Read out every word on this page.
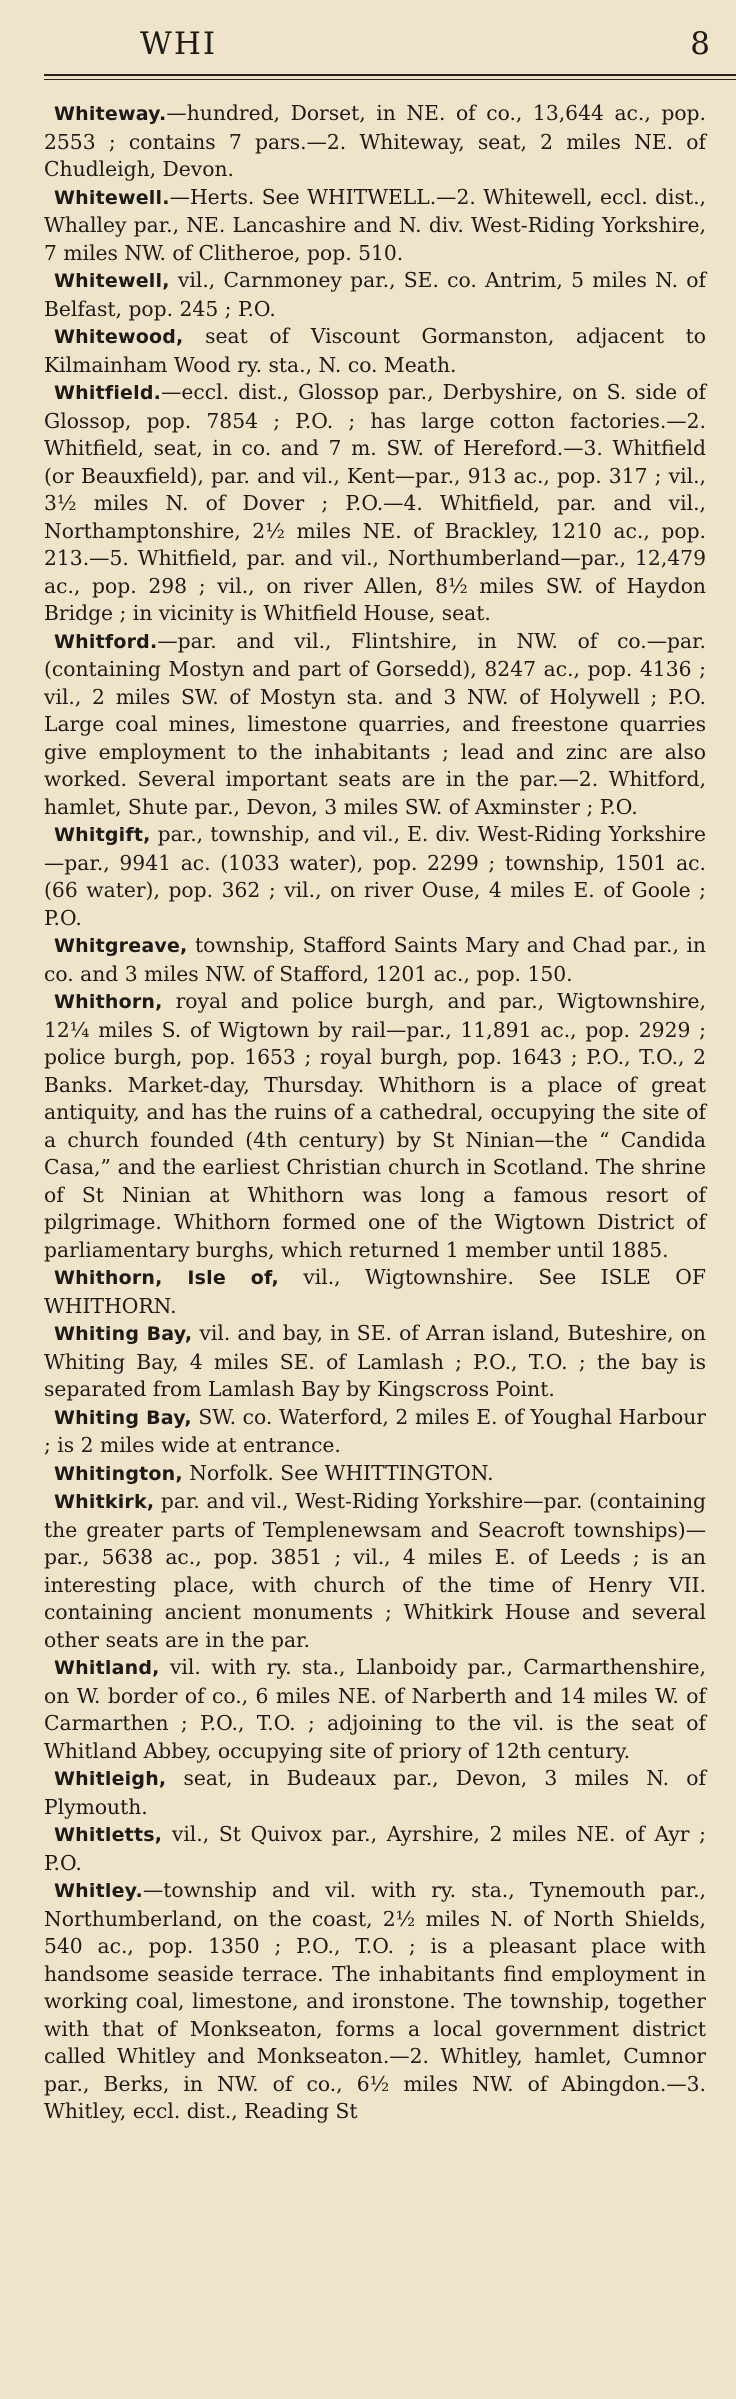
WHI	8

Whiteway.—hundred, Dorset, in NE. of co., 13,644 ac., pop. 2553 ; contains 7 pars.—2. Whiteway, seat, 2 miles NE. of Chudleigh, Devon.

Whitewell.—Herts. See WHITWELL.—2. Whitewell, eccl. dist., Whalley par., NE. Lancashire and N. div. West-Riding Yorkshire, 7 miles NW. of Clitheroe, pop. 510.

Whitewell, vil., Carnmoney par., SE. co. Antrim, 5 miles N. of Belfast, pop. 245 ; P.O.

Whitewood, seat of Viscount Gormanston, adjacent to Kilmainham Wood ry. sta., N. co. Meath.

Whitfield.—eccl. dist., Glossop par., Derbyshire, on S. side of Glossop, pop. 7854 ; P.O. ; has large cotton factories.—2. Whitfield, seat, in co. and 7 m. SW. of Hereford.—3. Whitfield (or Beauxfield), par. and vil., Kent—par., 913 ac., pop. 317 ; vil., 3½ miles N. of Dover ; P.O.—4. Whitfield, par. and vil., Northamptonshire, 2½ miles NE. of Brackley, 1210 ac., pop. 213.—5. Whitfield, par. and vil., Northumberland—par., 12,479 ac., pop. 298 ; vil., on river Allen, 8½ miles SW. of Haydon Bridge ; in vicinity is Whitfield House, seat.

Whitford.—par. and vil., Flintshire, in NW. of co.—par. (containing Mostyn and part of Gorsedd), 8247 ac., pop. 4136 ; vil., 2 miles SW. of Mostyn sta. and 3 NW. of Holywell ; P.O. Large coal mines, limestone quarries, and freestone quarries give employment to the inhabitants ; lead and zinc are also worked. Several important seats are in the par.—2. Whitford, hamlet, Shute par., Devon, 3 miles SW. of Axminster ; P.O.

Whitgift, par., township, and vil., E. div. West-Riding Yorkshire—par., 9941 ac. (1033 water), pop. 2299 ; township, 1501 ac. (66 water), pop. 362 ; vil., on river Ouse, 4 miles E. of Goole ; P.O.

Whitgreave, township, Stafford Saints Mary and Chad par., in co. and 3 miles NW. of Stafford, 1201 ac., pop. 150.

Whithorn, royal and police burgh, and par., Wigtownshire, 12¼ miles S. of Wigtown by rail—par., 11,891 ac., pop. 2929 ; police burgh, pop. 1653 ; royal burgh, pop. 1643 ; P.O., T.O., 2 Banks. Market-day, Thursday. Whithorn is a place of great antiquity, and has the ruins of a cathedral, occupying the site of a church founded (4th century) by St Ninian—the “ Candida Casa,” and the earliest Christian church in Scotland. The shrine of St Ninian at Whithorn was long a famous resort of pilgrimage. Whithorn formed one of the Wigtown District of parliamentary burghs, which returned 1 member until 1885.

Whithorn, Isle of, vil., Wigtownshire. See ISLE OF WHITHORN.

Whiting Bay, vil. and bay, in SE. of Arran island, Buteshire, on Whiting Bay, 4 miles SE. of Lamlash ; P.O., T.O. ; the bay is separated from Lamlash Bay by Kingscross Point.

Whiting Bay, SW. co. Waterford, 2 miles E. of Youghal Harbour ; is 2 miles wide at entrance.

Whitington, Norfolk. See WHITTINGTON.

Whitkirk, par. and vil., West-Riding Yorkshire—par. (containing the greater parts of Templenewsam and Seacroft townships)—par., 5638 ac., pop. 3851 ; vil., 4 miles E. of Leeds ; is an interesting place, with church of the time of Henry VII. containing ancient monuments ; Whitkirk House and several other seats are in the par.

Whitland, vil. with ry. sta., Llanboidy par., Carmarthenshire, on W. border of co., 6 miles NE. of Narberth and 14 miles W. of Carmarthen ; P.O., T.O. ; adjoining to the vil. is the seat of Whitland Abbey, occupying site of priory of 12th century.

Whitleigh, seat, in Budeaux par., Devon, 3 miles N. of Plymouth.

Whitletts, vil., St Quivox par., Ayrshire, 2 miles NE. of Ayr ; P.O.

Whitley.—township and vil. with ry. sta., Tynemouth par., Northumberland, on the coast, 2½ miles N. of North Shields, 540 ac., pop. 1350 ; P.O., T.O. ; is a pleasant place with handsome seaside terrace. The inhabitants find employment in working coal, limestone, and ironstone. The township, together with that of Monkseaton, forms a local government district called Whitley and Monkseaton.—2. Whitley, hamlet, Cumnor par., Berks, in NW. of co., 6½ miles NW. of Abingdon.—3. Whitley, eccl. dist., Reading St
